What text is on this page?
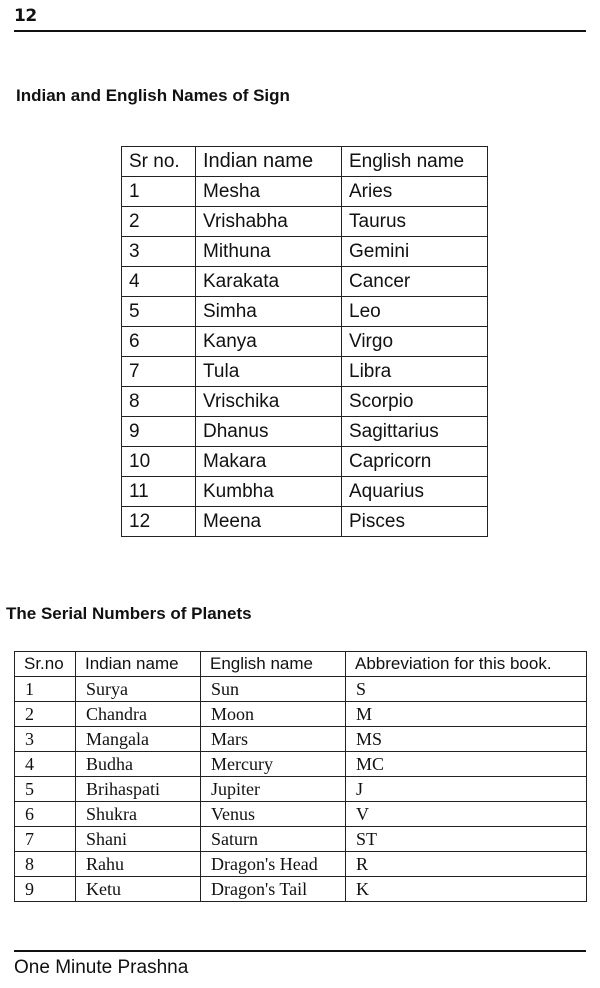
12
Indian and English Names of Sign
Sr no.	Indian name	English name
1	Mesha	Aries
2	Vrishabha	Taurus
3	Mithuna	Gemini
4	Karakata	Cancer
5	Simha	Leo
6	Kanya	Virgo
7	Tula	Libra
8	Vrischika	Scorpio
9	Dhanus	Sagittarius
10	Makara	Capricorn
11	Kumbha	Aquarius
12	Meena	Pisces
The Serial Numbers of Planets
Sr.no	Indian name	English name	Abbreviation for this book.
1	Surya	Sun	S
2	Chandra	Moon	M
3	Mangala	Mars	MS
4	Budha	Mercury	MC
5	Brihaspati	Jupiter	J
6	Shukra	Venus	V
7	Shani	Saturn	ST
8	Rahu	Dragon's Head	R
9	Ketu	Dragon's Tail	K
One Minute Prashna
